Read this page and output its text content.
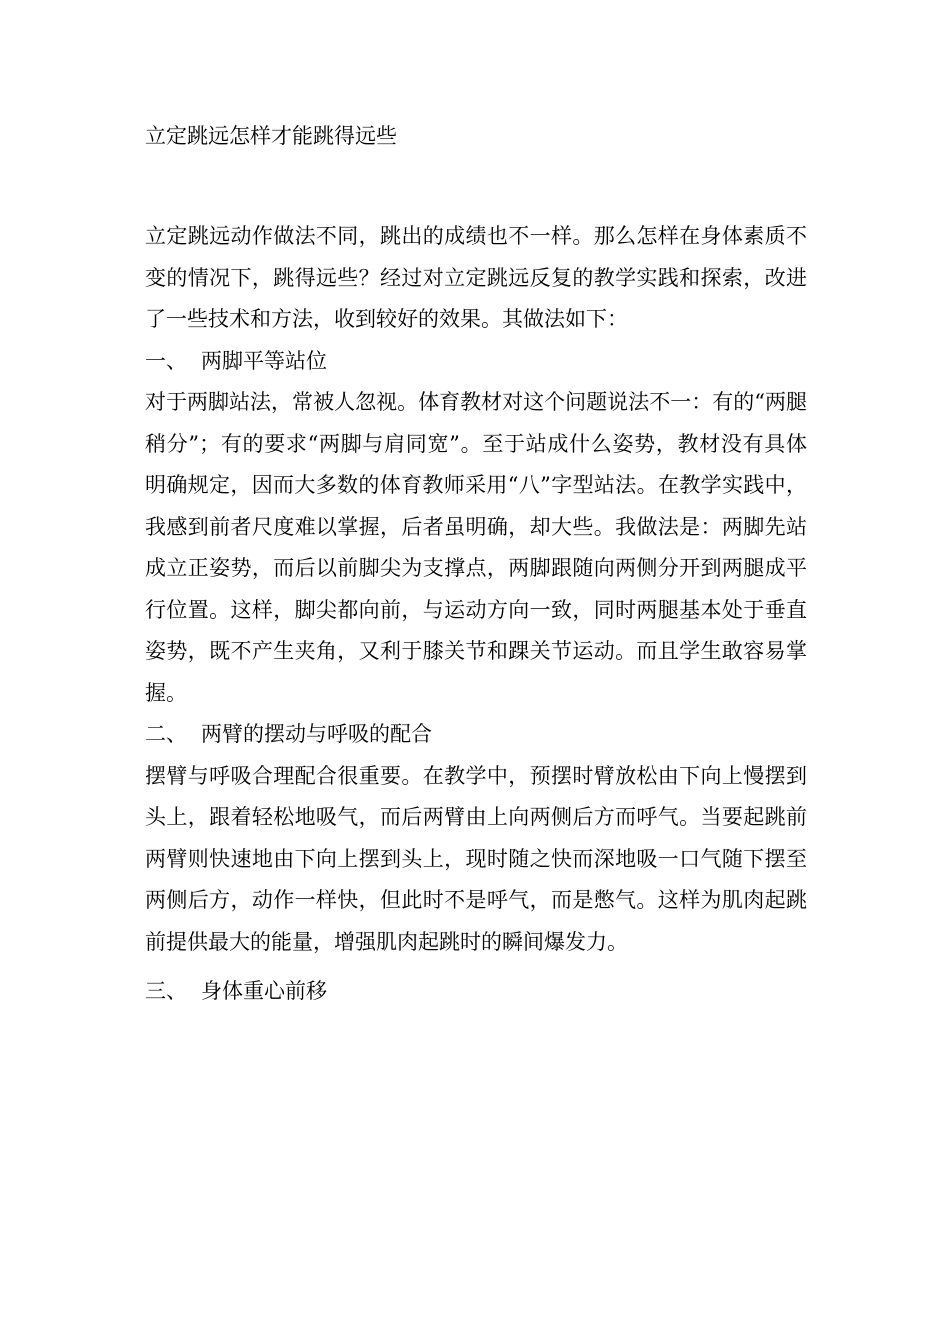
立定跳远怎样才能跳得远些

立定跳远动作做法不同，跳出的成绩也不一样。那么怎样在身体素质不变的情况下，跳得远些？经过对立定跳远反复的教学实践和探索，改进了一些技术和方法，收到较好的效果。其做法如下：

一、 两脚平等站位

对于两脚站法，常被人忽视。体育教材对这个问题说法不一：有的“两腿稍分”；有的要求“两脚与肩同宽”。至于站成什么姿势，教材没有具体明确规定，因而大多数的体育教师采用“八”字型站法。在教学实践中，我感到前者尺度难以掌握，后者虽明确，却大些。我做法是：两脚先站成立正姿势，而后以前脚尖为支撑点，两脚跟随向两侧分开到两腿成平行位置。这样，脚尖都向前，与运动方向一致，同时两腿基本处于垂直姿势，既不产生夹角，又利于膝关节和踝关节运动。而且学生敢容易掌握。

二、 两臂的摆动与呼吸的配合

摆臂与呼吸合理配合很重要。在教学中，预摆时臂放松由下向上慢摆到头上，跟着轻松地吸气，而后两臂由上向两侧后方而呼气。当要起跳前两臂则快速地由下向上摆到头上，现时随之快而深地吸一口气随下摆至两侧后方，动作一样快，但此时不是呼气，而是憋气。这样为肌肉起跳前提供最大的能量，增强肌肉起跳时的瞬间爆发力。

三、 身体重心前移
